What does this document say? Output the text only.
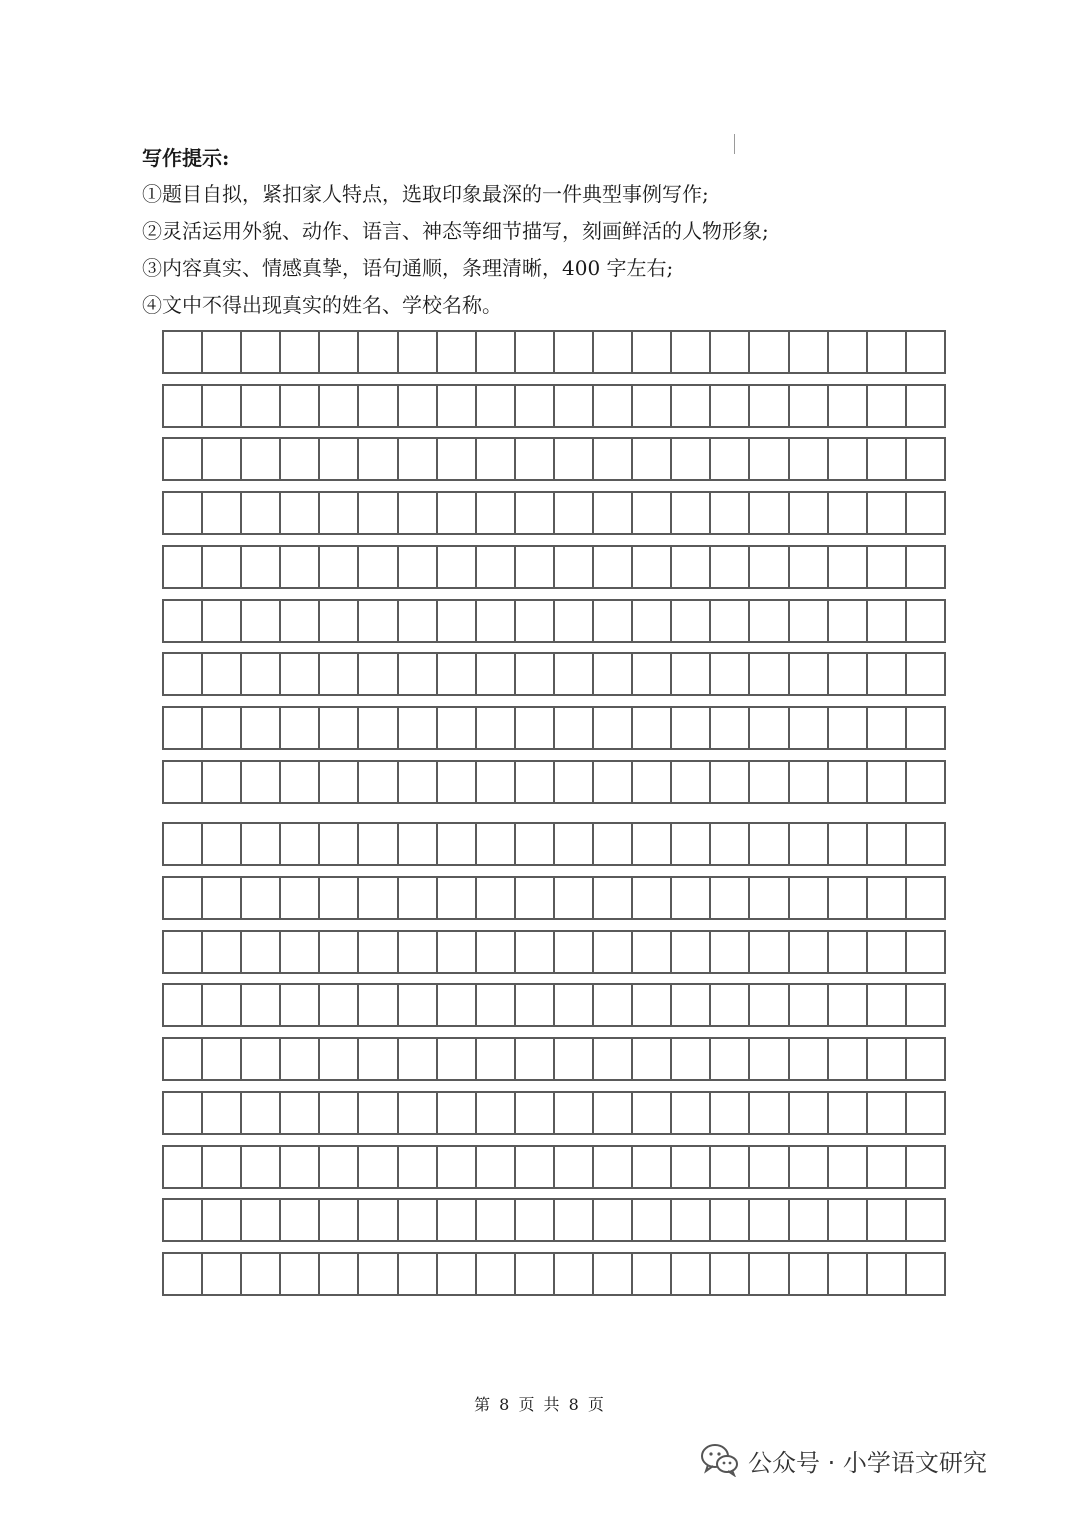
写作提示:
①题目自拟，紧扣家人特点，选取印象最深的一件典型事例写作;
②灵活运用外貌、动作、语言、神态等细节描写，刻画鲜活的人物形象;
③内容真实、情感真挚，语句通顺，条理清晰，400 字左右;
④文中不得出现真实的姓名、学校名称。
第 8 页 共 8 页
公众号 · 小学语文研究
